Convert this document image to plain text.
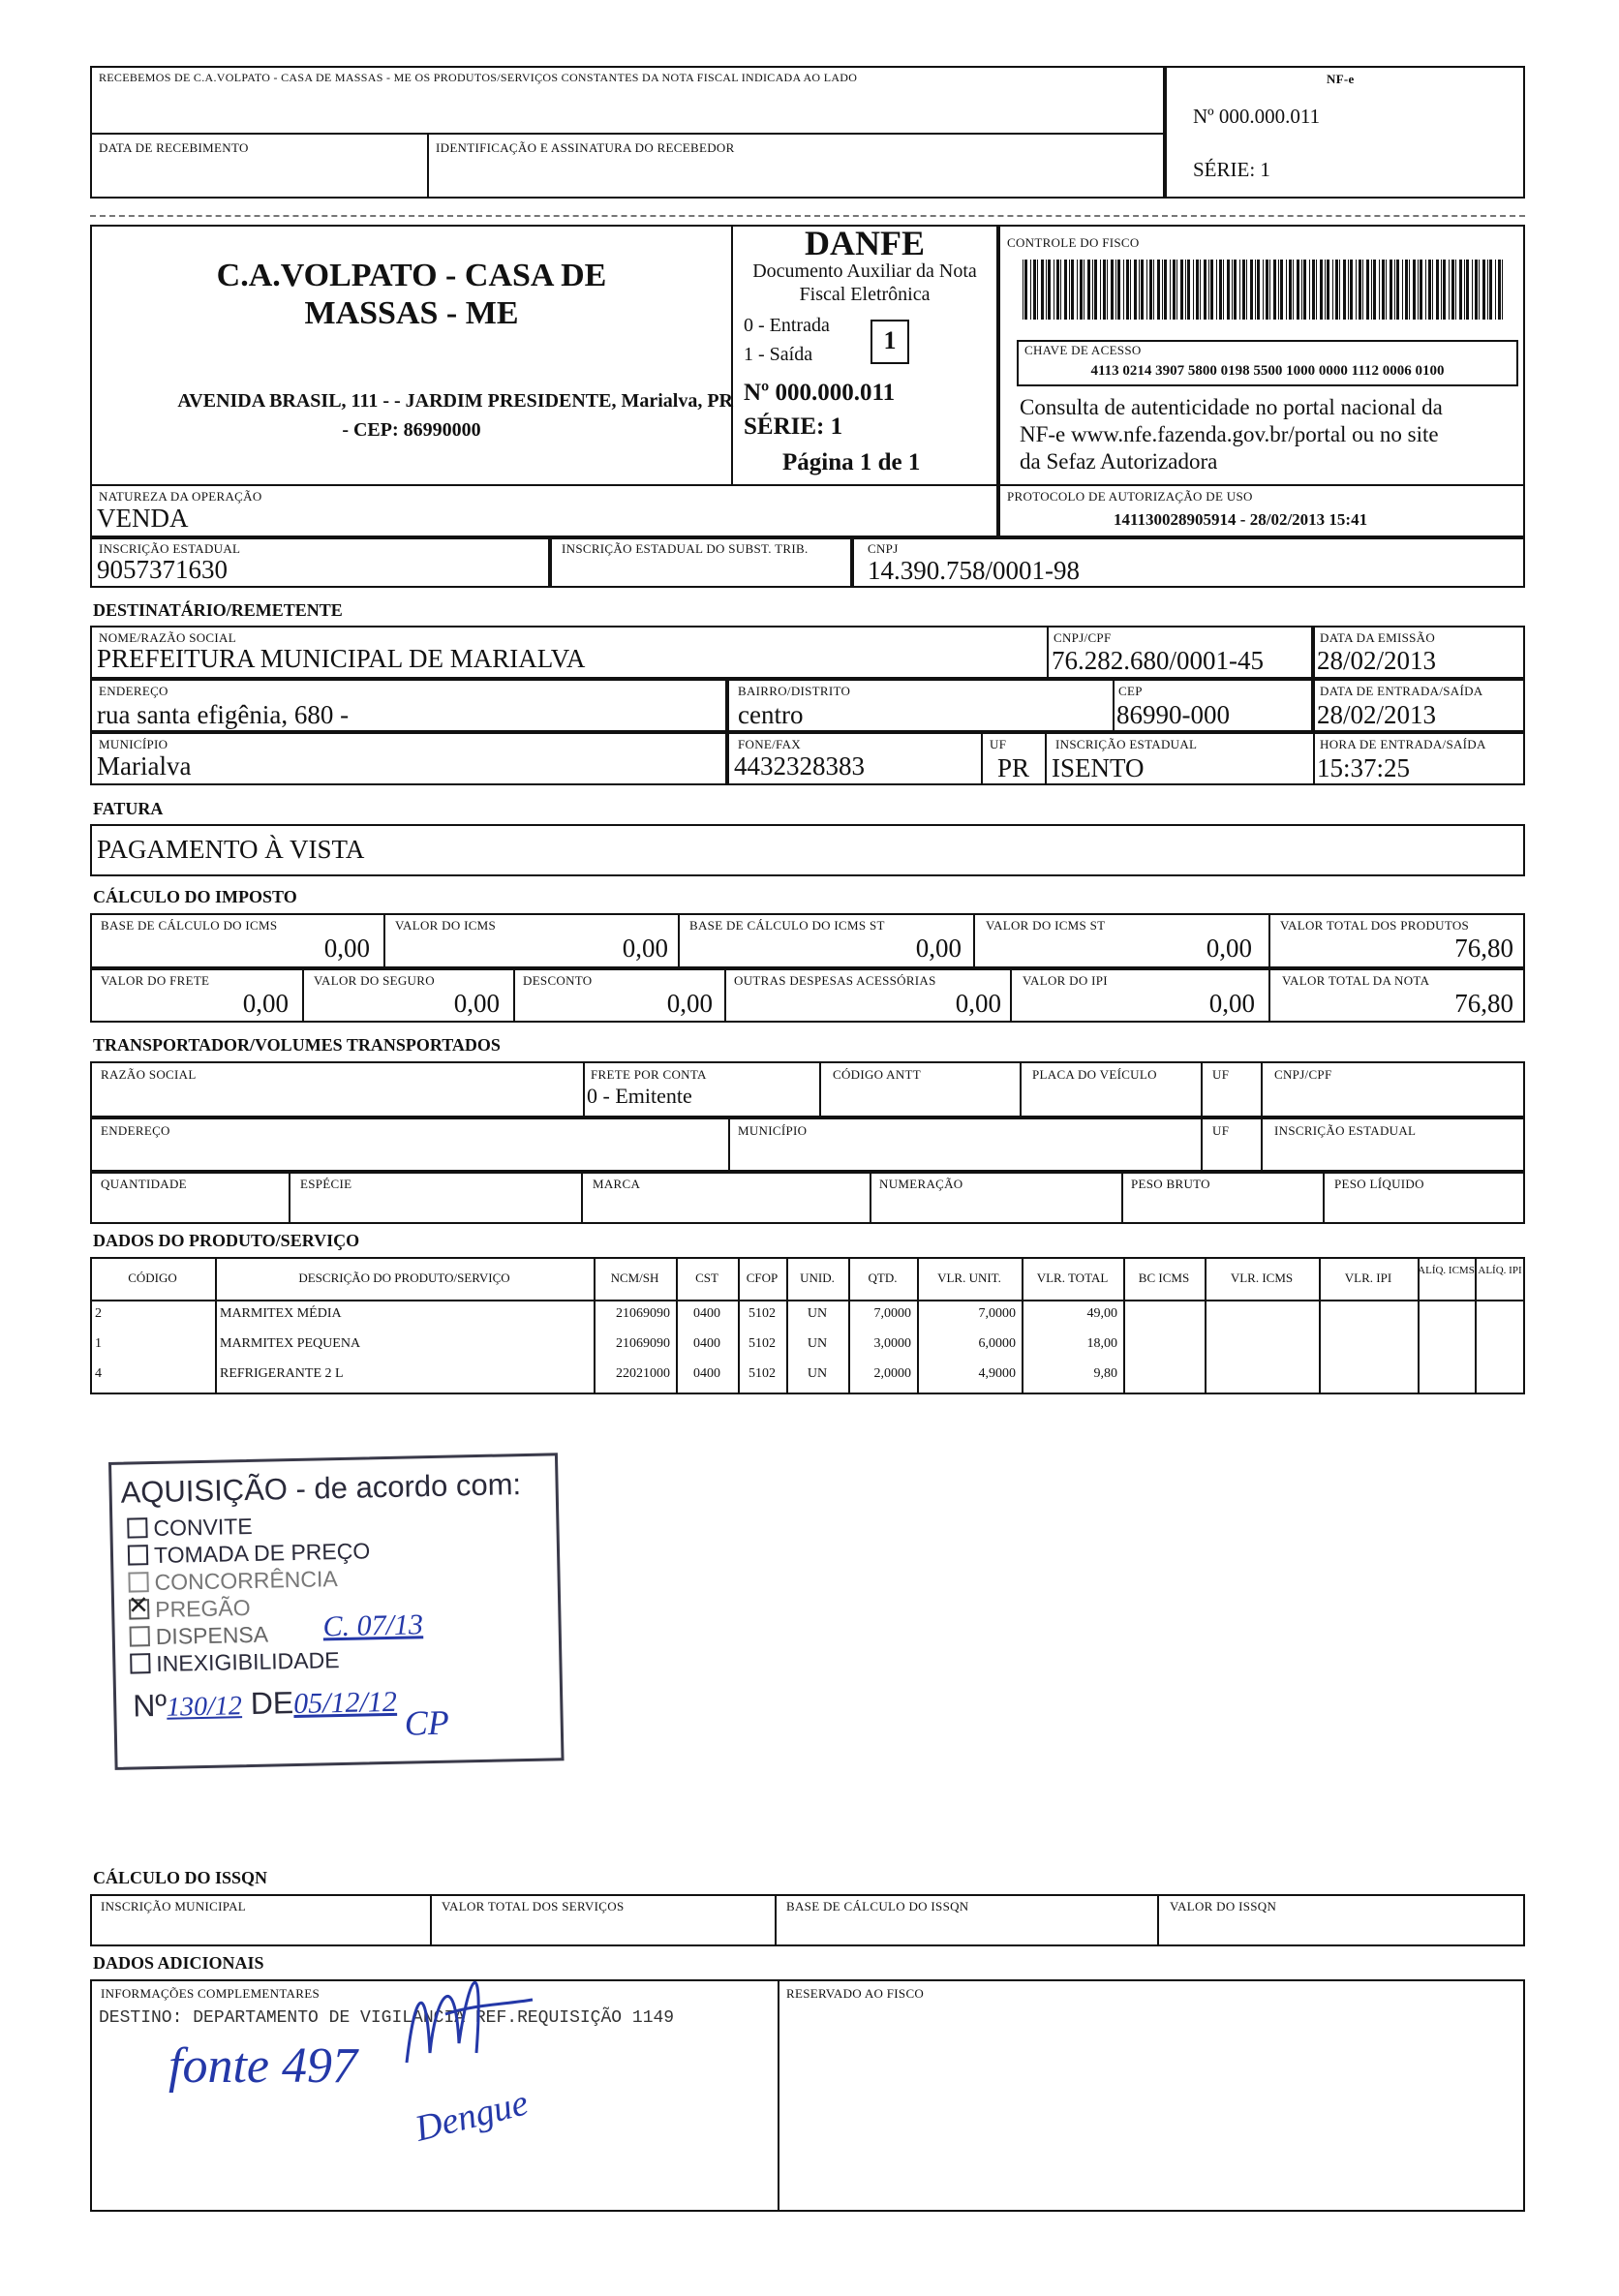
RECEBEMOS DE C.A.VOLPATO - CASA DE MASSAS - ME OS PRODUTOS/SERVIÇOS CONSTANTES DA NOTA FISCAL INDICADA AO LADO
DATA DE RECEBIMENTO	IDENTIFICAÇÃO E ASSINATURA DO RECEBEDOR
NF-e
Nº 000.000.011
SÉRIE: 1
C.A.VOLPATO - CASA DE
MASSAS - ME
AVENIDA BRASIL, 111 - - JARDIM PRESIDENTE, Marialva, PR
- CEP: 86990000
DANFE
Documento Auxiliar da Nota
Fiscal Eletrônica
0 - Entrada
1 - Saída	1
Nº 000.000.011
SÉRIE: 1
Página 1 de 1
CONTROLE DO FISCO
CHAVE DE ACESSO
4113 0214 3907 5800 0198 5500 1000 0000 1112 0006 0100
Consulta de autenticidade no portal nacional da
NF-e www.nfe.fazenda.gov.br/portal ou no site
da Sefaz Autorizadora
NATUREZA DA OPERAÇÃO
VENDA
PROTOCOLO DE AUTORIZAÇÃO DE USO
141130028905914 - 28/02/2013 15:41
INSCRIÇÃO ESTADUAL
9057371630
INSCRIÇÃO ESTADUAL DO SUBST. TRIB.	CNPJ
14.390.758/0001-98
DESTINATÁRIO/REMETENTE
NOME/RAZÃO SOCIAL
PREFEITURA MUNICIPAL DE MARIALVA
CNPJ/CPF
76.282.680/0001-45
DATA DA EMISSÃO
28/02/2013
ENDEREÇO
rua santa efigênia, 680 -
BAIRRO/DISTRITO
centro
CEP
86990-000
DATA DE ENTRADA/SAÍDA
28/02/2013
MUNICÍPIO
Marialva
FONE/FAX
4432328383
UF
PR
INSCRIÇÃO ESTADUAL
ISENTO
HORA DE ENTRADA/SAÍDA
15:37:25
FATURA
PAGAMENTO À VISTA
CÁLCULO DO IMPOSTO
BASE DE CÁLCULO DO ICMS
0,00
VALOR DO ICMS
0,00
BASE DE CÁLCULO DO ICMS ST
0,00
VALOR DO ICMS ST
0,00
VALOR TOTAL DOS PRODUTOS
76,80
VALOR DO FRETE
0,00
VALOR DO SEGURO
0,00
DESCONTO
0,00
OUTRAS DESPESAS ACESSÓRIAS
0,00
VALOR DO IPI
0,00
VALOR TOTAL DA NOTA
76,80
TRANSPORTADOR/VOLUMES TRANSPORTADOS
RAZÃO SOCIAL	FRETE POR CONTA
0 - Emitente
CÓDIGO ANTT	PLACA DO VEÍCULO	UF	CNPJ/CPF
ENDEREÇO	MUNICÍPIO	UF	INSCRIÇÃO ESTADUAL
QUANTIDADE	ESPÉCIE	MARCA	NUMERAÇÃO	PESO BRUTO	PESO LÍQUIDO
DADOS DO PRODUTO/SERVIÇO
CÓDIGO	DESCRIÇÃO DO PRODUTO/SERVIÇO	NCM/SH	CST	CFOP	UNID.	QTD.	VLR. UNIT.	VLR. TOTAL	BC ICMS	VLR. ICMS	VLR. IPI	ALÍQ. ICMS ALÍQ. IPI
2	MARMITEX MÉDIA	21069090	0400	5102	UN	7,0000	7,0000	49,00
1	MARMITEX PEQUENA	21069090	0400	5102	UN	3,0000	6,0000	18,00
4	REFRIGERANTE 2 L	22021000	0400	5102	UN	2,0000	4,9000	9,80
AQUISIÇÃO - de acordo com:
CONVITE
TOMADA DE PREÇO
CONCORRÊNCIA
✕ PREGÃO
DISPENSA
INEXIGIBILIDADE
C. 07/13
Nº130/12 DE05/12/12
CP
CÁLCULO DO ISSQN
INSCRIÇÃO MUNICIPAL	VALOR TOTAL DOS SERVIÇOS	BASE DE CÁLCULO DO ISSQN	VALOR DO ISSQN
DADOS ADICIONAIS
INFORMAÇÕES COMPLEMENTARES
DESTINO: DEPARTAMENTO DE VIGILANCIA REF.REQUISIÇÃO 1149
RESERVADO AO FISCO
fonte 497
Dengue
